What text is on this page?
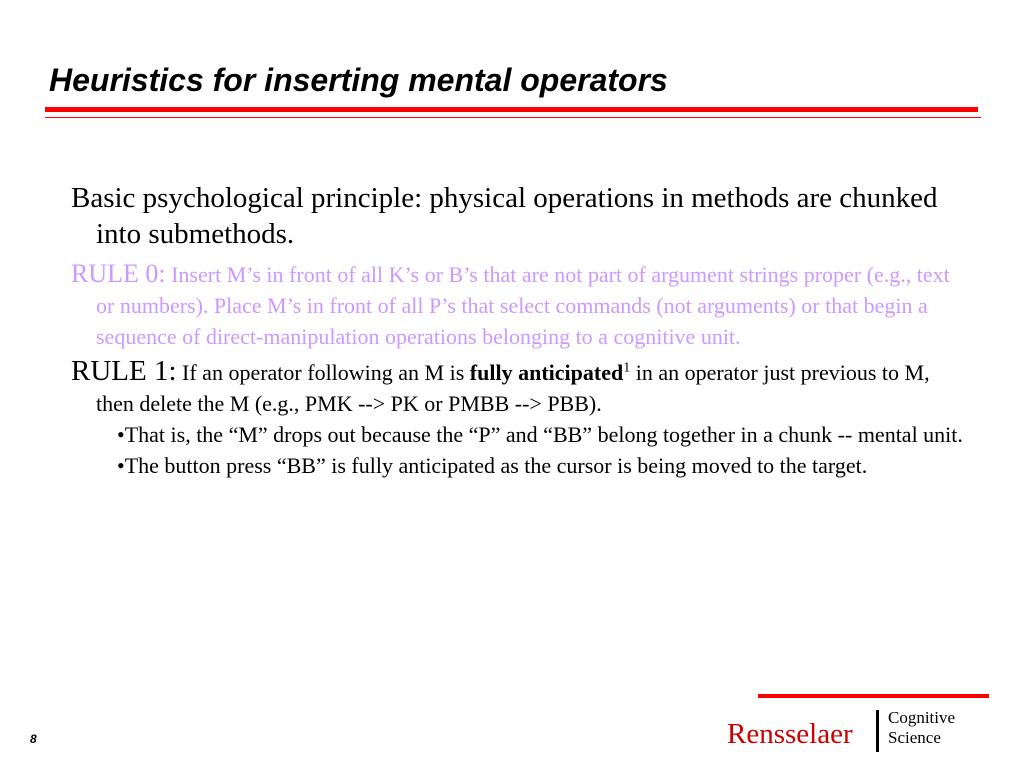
Heuristics for inserting mental operators

Basic psychological principle: physical operations in methods are chunked into submethods.

RULE 0: Insert M’s in front of all K’s or B’s that are not part of argument strings proper (e.g., text or numbers). Place M’s in front of all P’s that select commands (not arguments) or that begin a sequence of direct-manipulation operations belonging to a cognitive unit.

RULE 1: If an operator following an M is fully anticipated$^1$ in an operator just previous to M, then delete the M (e.g., PMK --> PK or PMBB --> PBB).

•That is, the “M” drops out because the “P” and “BB” belong together in a chunk -- mental unit.

•The button press “BB” is fully anticipated as the cursor is being moved to the target.

Rensselaer
Cognitive
Science
8
